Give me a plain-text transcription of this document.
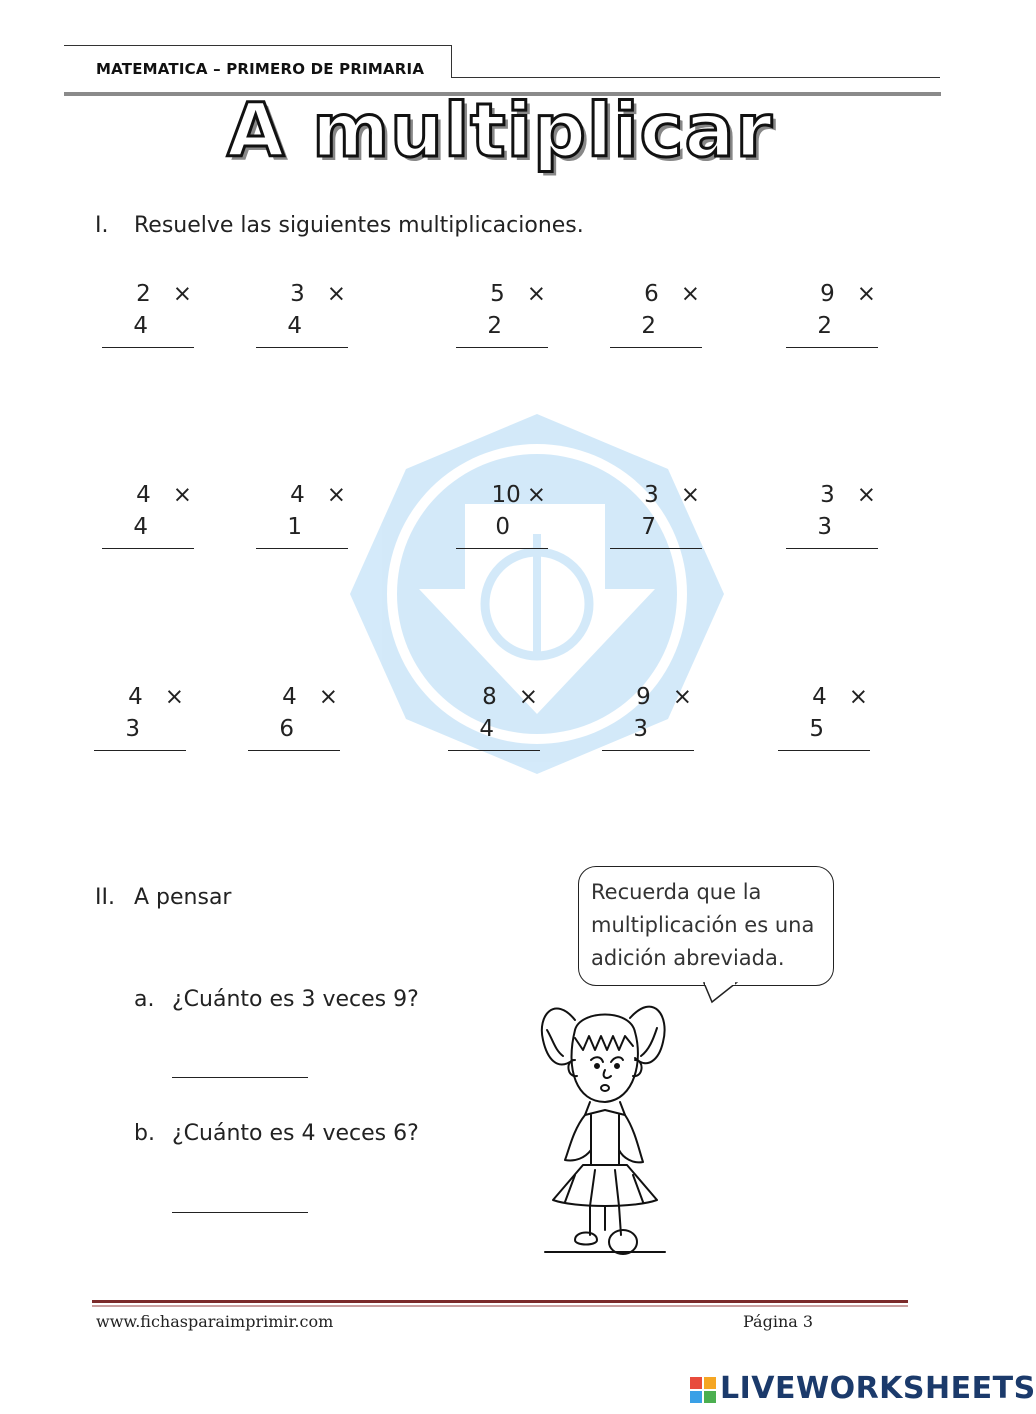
MATEMATICA – PRIMERO DE PRIMARIA
A multiplicar
I. Resuelve las siguientes multiplicaciones.
2 ×
4
3 ×
4
5 ×
2
6 ×
2
9 ×
2
4 ×
4
4 ×
1
10 ×
0
3 ×
7
3 ×
3
4 ×
3
4 ×
6
8 ×
4
9 ×
3
4 ×
5
II. A pensar
a. ¿Cuánto es 3 veces 9?
b. ¿Cuánto es 4 veces 6?
Recuerda que la
multiplicación es una
adición abreviada.
www.fichasparaimprimir.com	Página 3
LIVEWORKSHEETS
